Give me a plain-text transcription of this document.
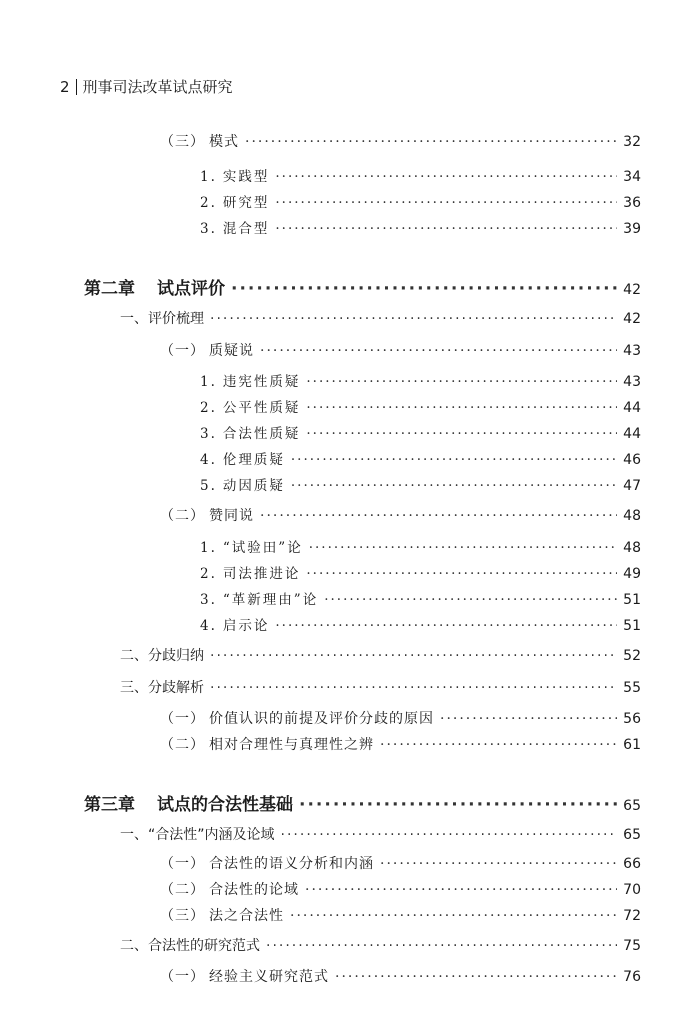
2 刑事司法改革试点研究
（三） 模式 ·····	32
1. 实践型 ·····	34
2. 研究型 ·····	36
3. 混合型 ·····	39
第二章 试点评价 ·····	42
一、评价梳理 ·····	42
（一） 质疑说 ·····	43
1. 违宪性质疑 ·····	43
2. 公平性质疑 ·····	44
3. 合法性质疑 ·····	44
4. 伦理质疑 ·····	46
5. 动因质疑 ·····	47
（二） 赞同说 ·····	48
1. “试验田”论 ·····	48
2. 司法推进论 ·····	49
3. “革新理由”论 ·····	51
4. 启示论 ·····	51
二、分歧归纳 ·····	52
三、分歧解析 ·····	55
（一） 价值认识的前提及评价分歧的原因 ·····	56
（二） 相对合理性与真理性之辨 ·····	61
第三章 试点的合法性基础 ·····	65
一、“合法性”内涵及论域 ·····	65
（一） 合法性的语义分析和内涵 ·····	66
（二） 合法性的论域 ·····	70
（三） 法之合法性 ·····	72
二、合法性的研究范式 ·····	75
（一） 经验主义研究范式 ·····	76
